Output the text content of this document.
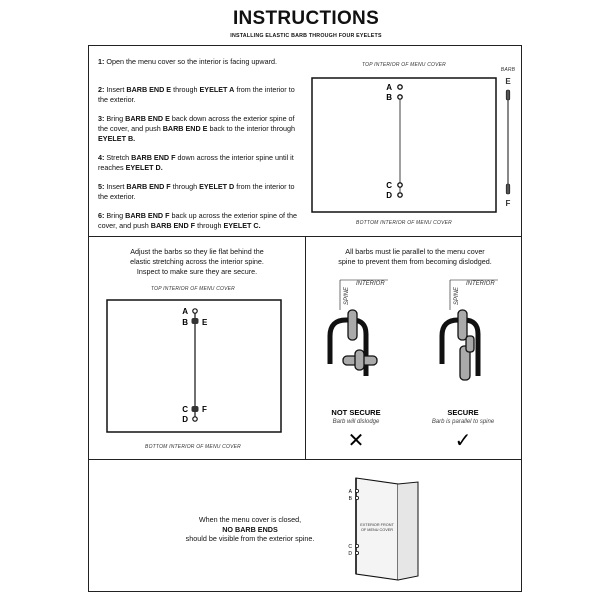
INSTRUCTIONS
INSTALLING ELASTIC BARB THROUGH FOUR EYELETS
1: Open the menu cover so the interior is facing upward.
2: Insert BARB END E through EYELET A from the interior to the exterior.
3: Bring BARB END E back down across the exterior spine of the cover, and push BARB END E back to the interior through EYELET B.
4: Stretch BARB END F down across the interior spine until it reaches EYELET D.
5: Insert BARB END F through EYELET D from the interior to the exterior.
6: Bring BARB END F back up across the exterior spine of the cover, and push BARB END F through EYELET C.
TOP INTERIOR OF MENU COVER
BARB
BOTTOM INTERIOR OF MENU COVER
A
B
C
D
E
F
Adjust the barbs so they lie flat behind the
elastic stretching across the interior spine.
Inspect to make sure they are secure.
TOP INTERIOR OF MENU COVER
BOTTOM INTERIOR OF MENU COVER
A
B E
C F
D
All barbs must lie parallel to the menu cover
spine to prevent them from becoming dislodged.
SPINE
INTERIOR
SPINE
INTERIOR
NOT SECURE
Barb will dislodge
✕
SECURE
Barb is parallel to spine
✓
When the menu cover is closed,
NO BARB ENDS
should be visible from the exterior spine.
A
B
C
D
EXTERIOR FRONT
OF MENU COVER
